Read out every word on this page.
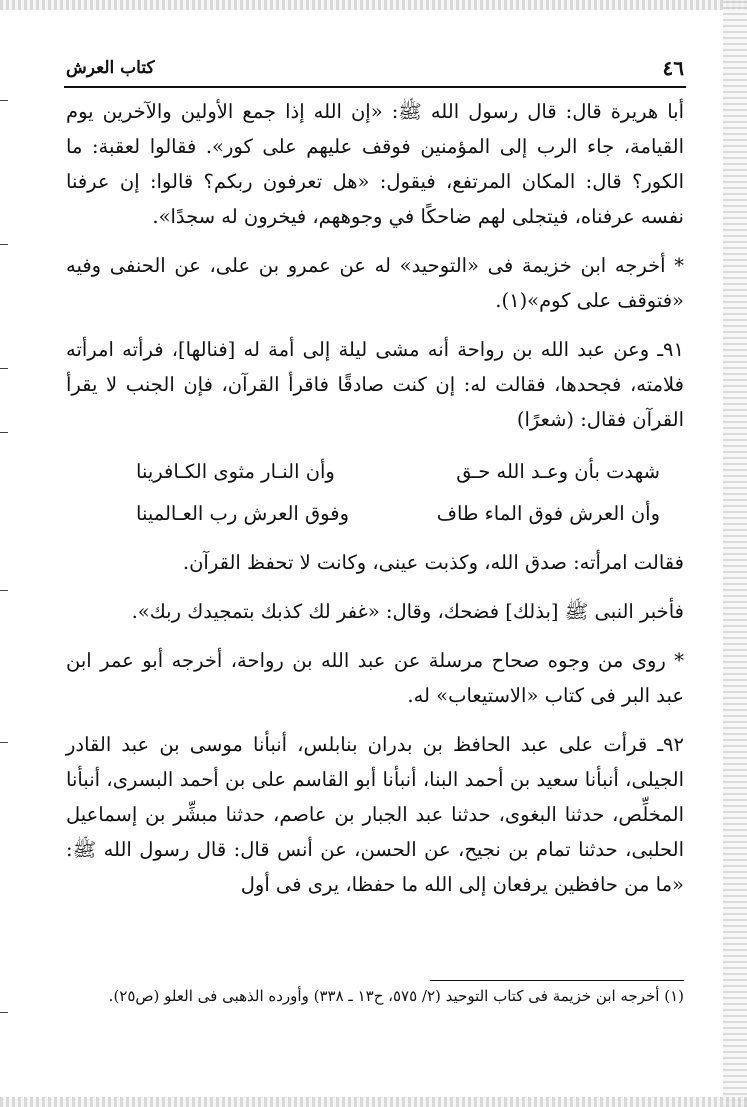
٤٦
كتاب العرش

أبا هريرة قال: قال رسول الله ﷺ: «إن الله إذا جمع الأولين والآخرين يوم القيامة، جاء الرب إلى المؤمنين فوقف عليهم على كور». فقالوا لعقبة: ما الكور؟ قال: المكان المرتفع، فيقول: «هل تعرفون ربكم؟ قالوا: إن عرفنا نفسه عرفناه، فيتجلى لهم ضاحكًا في وجوههم، فيخرون له سجدًا».

* أخرجه ابن خزيمة فى «التوحيد» له عن عمرو بن على، عن الحنفى وفيه «فتوقف على كوم»(١).

٩١ـ وعن عبد الله بن رواحة أنه مشى ليلة إلى أمة له [فنالها]، فرأته امرأته فلامته، فجحدها، فقالت له: إن كنت صادقًا فاقرأ القرآن، فإن الجنب لا يقرأ القرآن فقال: (شعرًا)

شهدت بأن وعـد الله حـق
وأن النـار مثوى الكـافرينا
وأن العرش فوق الماء طاف
وفوق العرش رب العـالمينا

فقالت امرأته: صدق الله، وكذبت عينى، وكانت لا تحفظ القرآن.

فأخبر النبى ﷺ [بذلك] فضحك، وقال: «غفر لك كذبك بتمجيدك ربك».

* روى من وجوه صحاح مرسلة عن عبد الله بن رواحة، أخرجه أبو عمر ابن عبد البر فى كتاب «الاستيعاب» له.

٩٢ـ قرأت على عبد الحافظ بن بدران بنابلس، أنبأنا موسى بن عبد القادر الجيلى، أنبأنا سعيد بن أحمد البنا، أنبأنا أبو القاسم على بن أحمد البسرى، أنبأنا المخلِّص، حدثنا البغوى، حدثنا عبد الجبار بن عاصم، حدثنا مبشِّر بن إسماعيل الحلبى، حدثنا تمام بن نجيح، عن الحسن، عن أنس قال: قال رسول الله ﷺ: «ما من حافظين يرفعان إلى الله ما حفظا، يرى فى أول

(١) أخرجه ابن خزيمة فى كتاب التوحيد (٢/ ٥٧٥، ح١٣ ـ ٣٣٨) وأورده الذهبى فى العلو (ص٢٥).
